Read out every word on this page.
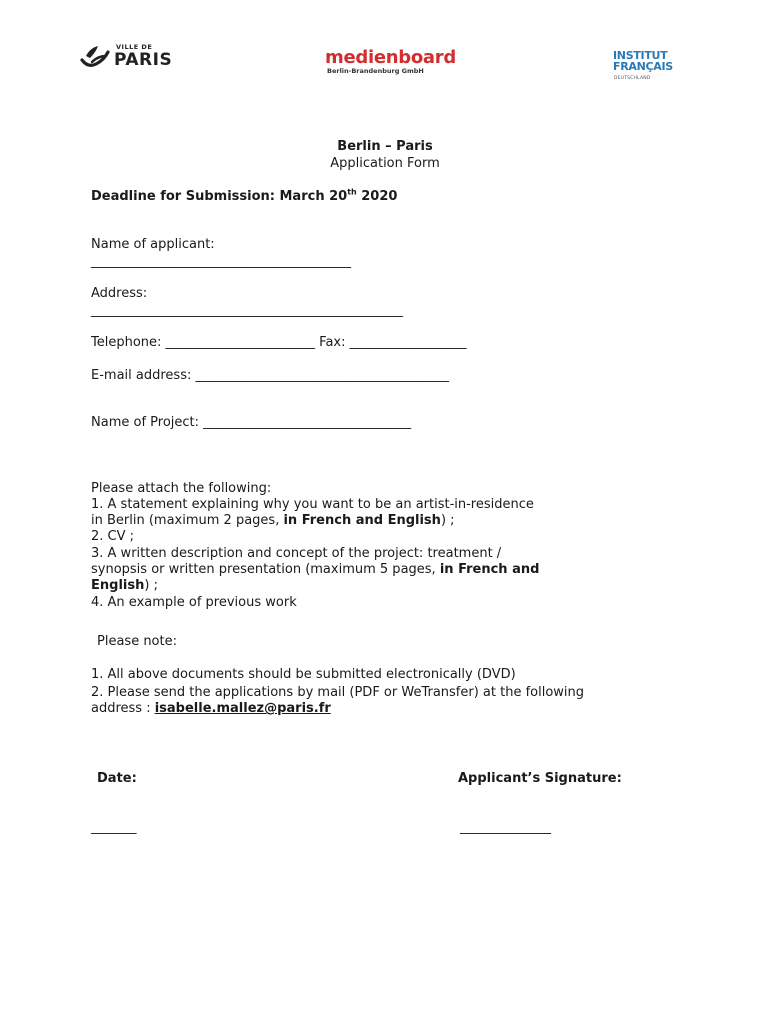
VILLE DE
PARIS	medienboard
Berlin-Brandenburg GmbH
INSTITUT
FRANÇAIS
DEUTSCHLAND
Berlin – Paris
Application Form
Deadline for Submission: March 20th 2020
Name of applicant:
________________________________________
Address:
________________________________________________
Telephone: _______________________ Fax: __________________
E-mail address: _______________________________________
Name of Project: ________________________________
Please attach the following:
1. A statement explaining why you want to be an artist-in-residence
in Berlin (maximum 2 pages, in French and English) ;
2. CV ;
3. A written description and concept of the project: treatment /
synopsis or written presentation (maximum 5 pages, in French and
English) ;
4. An example of previous work
Please note:
1. All above documents should be submitted electronically (DVD)
2. Please send the applications by mail (PDF or WeTransfer) at the following
address : isabelle.mallez@paris.fr
Date:	Applicant’s Signature:
_______	______________
